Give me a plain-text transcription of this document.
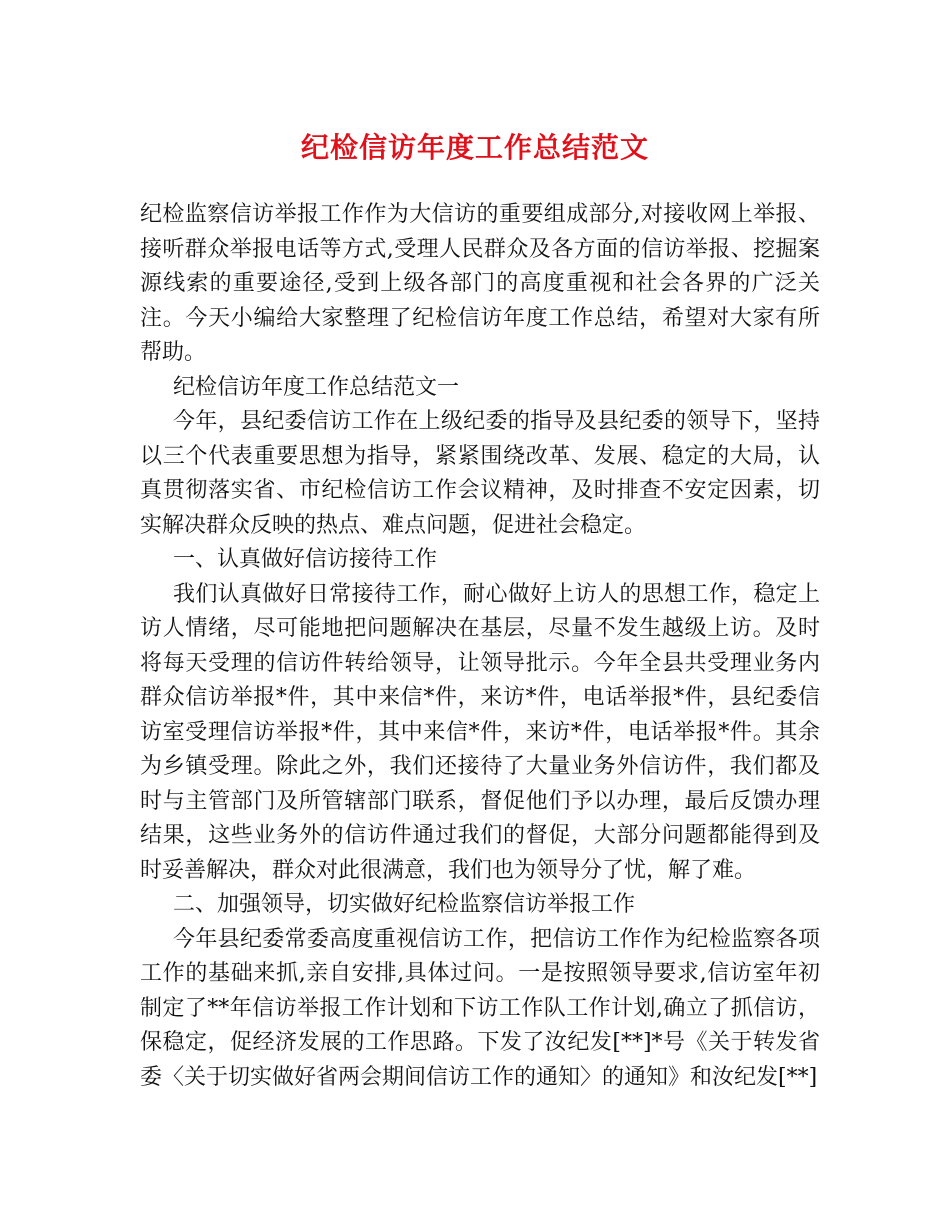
纪检信访年度工作总结范文

纪检监察信访举报工作作为大信访的重要组成部分,对接收网上举报、接听群众举报电话等方式,受理人民群众及各方面的信访举报、挖掘案源线索的重要途径,受到上级各部门的高度重视和社会各界的广泛关注。今天小编给大家整理了纪检信访年度工作总结，希望对大家有所帮助。

纪检信访年度工作总结范文一

今年，县纪委信访工作在上级纪委的指导及县纪委的领导下，坚持以三个代表重要思想为指导，紧紧围绕改革、发展、稳定的大局，认真贯彻落实省、市纪检信访工作会议精神，及时排查不安定因素，切实解决群众反映的热点、难点问题，促进社会稳定。

一、认真做好信访接待工作

我们认真做好日常接待工作，耐心做好上访人的思想工作，稳定上访人情绪，尽可能地把问题解决在基层，尽量不发生越级上访。及时将每天受理的信访件转给领导，让领导批示。今年全县共受理业务内群众信访举报*件，其中来信*件，来访*件，电话举报*件，县纪委信访室受理信访举报*件，其中来信*件，来访*件，电话举报*件。其余为乡镇受理。除此之外，我们还接待了大量业务外信访件，我们都及时与主管部门及所管辖部门联系，督促他们予以办理，最后反馈办理结果，这些业务外的信访件通过我们的督促，大部分问题都能得到及时妥善解决，群众对此很满意，我们也为领导分了忧，解了难。

二、加强领导，切实做好纪检监察信访举报工作

今年县纪委常委高度重视信访工作，把信访工作作为纪检监察各项工作的基础来抓,亲自安排,具体过问。一是按照领导要求,信访室年初制定了**年信访举报工作计划和下访工作队工作计划,确立了抓信访，保稳定，促经济发展的工作思路。下发了汝纪发[**]*号《关于转发省委〈关于切实做好省两会期间信访工作的通知〉的通知》和汝纪发[**]
